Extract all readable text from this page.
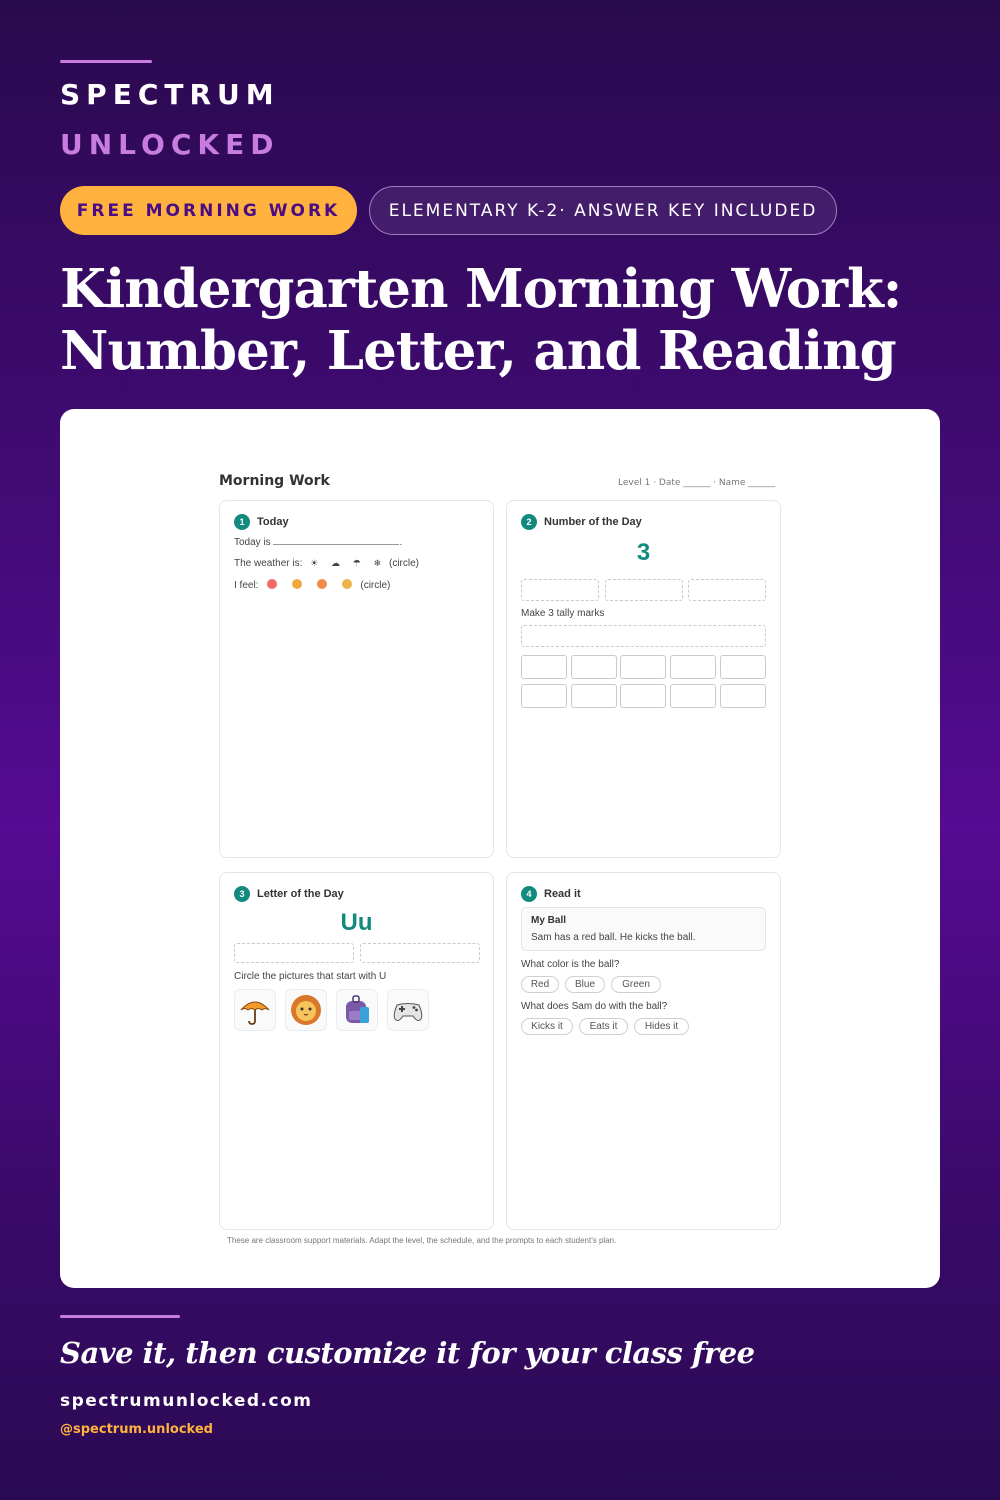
SPECTRUM
UNLOCKED
FREE MORNING WORK	ELEMENTARY K-2· ANSWER KEY INCLUDED
Kindergarten Morning Work:
Number, Letter, and Reading
Morning Work	Level 1 · Date ______ · Name ______
1	Today
Today is	.
The weather is: ☀ ☁ ☂ ❄ (circle)
I feel:	(circle)
2	Number of the Day
3
Make 3 tally marks
3	Letter of the Day
Uu
Circle the pictures that start with U
4	Read it
My Ball
Sam has a red ball. He kicks the ball.
What color is the ball?
Red	Blue	Green
What does Sam do with the ball?
Kicks it	Eats it	Hides it
These are classroom support materials. Adapt the level, the schedule, and the prompts to each student's plan.
Save it, then customize it for your class free
spectrumunlocked.com
@spectrum.unlocked
